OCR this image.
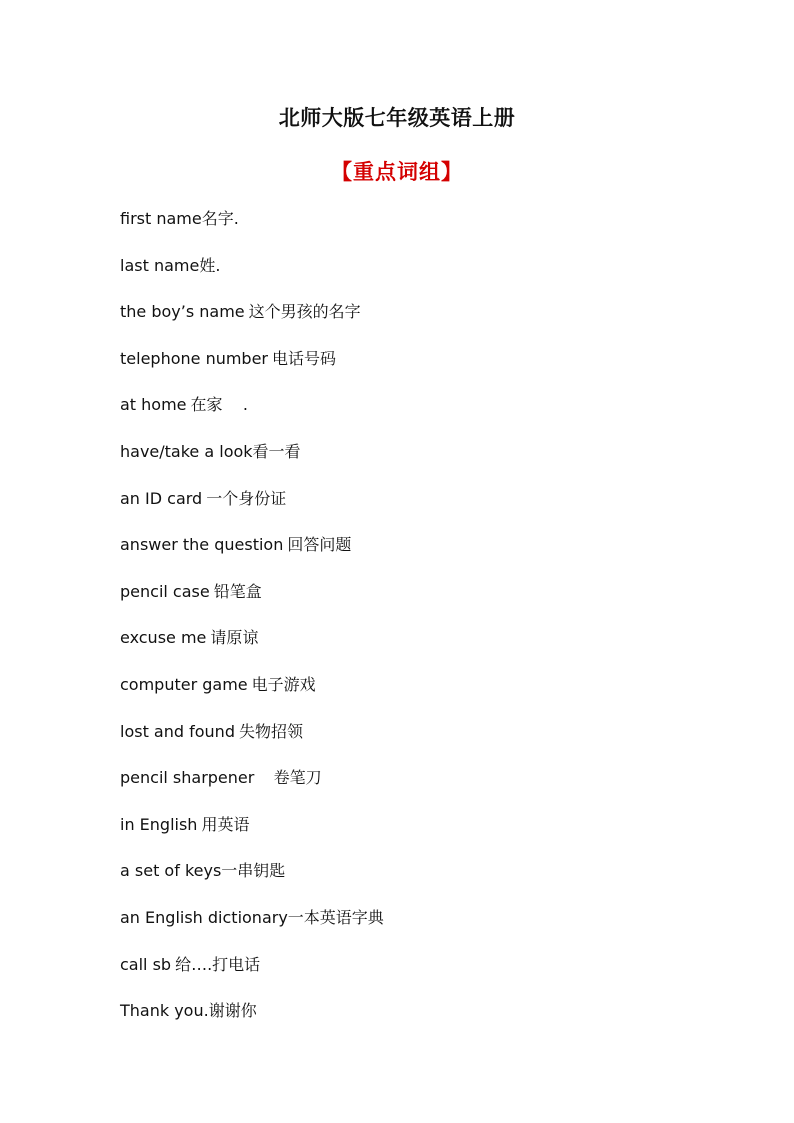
北师大版七年级英语上册
【重点词组】
first name名字.
last name姓.
the boy’s name 这个男孩的名字
telephone number 电话号码
at home 在家    .
have/take a look看一看
an ID card 一个身份证
answer the question 回答问题
pencil case 铅笔盒
excuse me 请原谅
computer game 电子游戏
lost and found 失物招领
pencil sharpener   卷笔刀
in English 用英语
a set of keys一串钥匙
an English dictionary一本英语字典
call sb 给….打电话
Thank you.谢谢你
